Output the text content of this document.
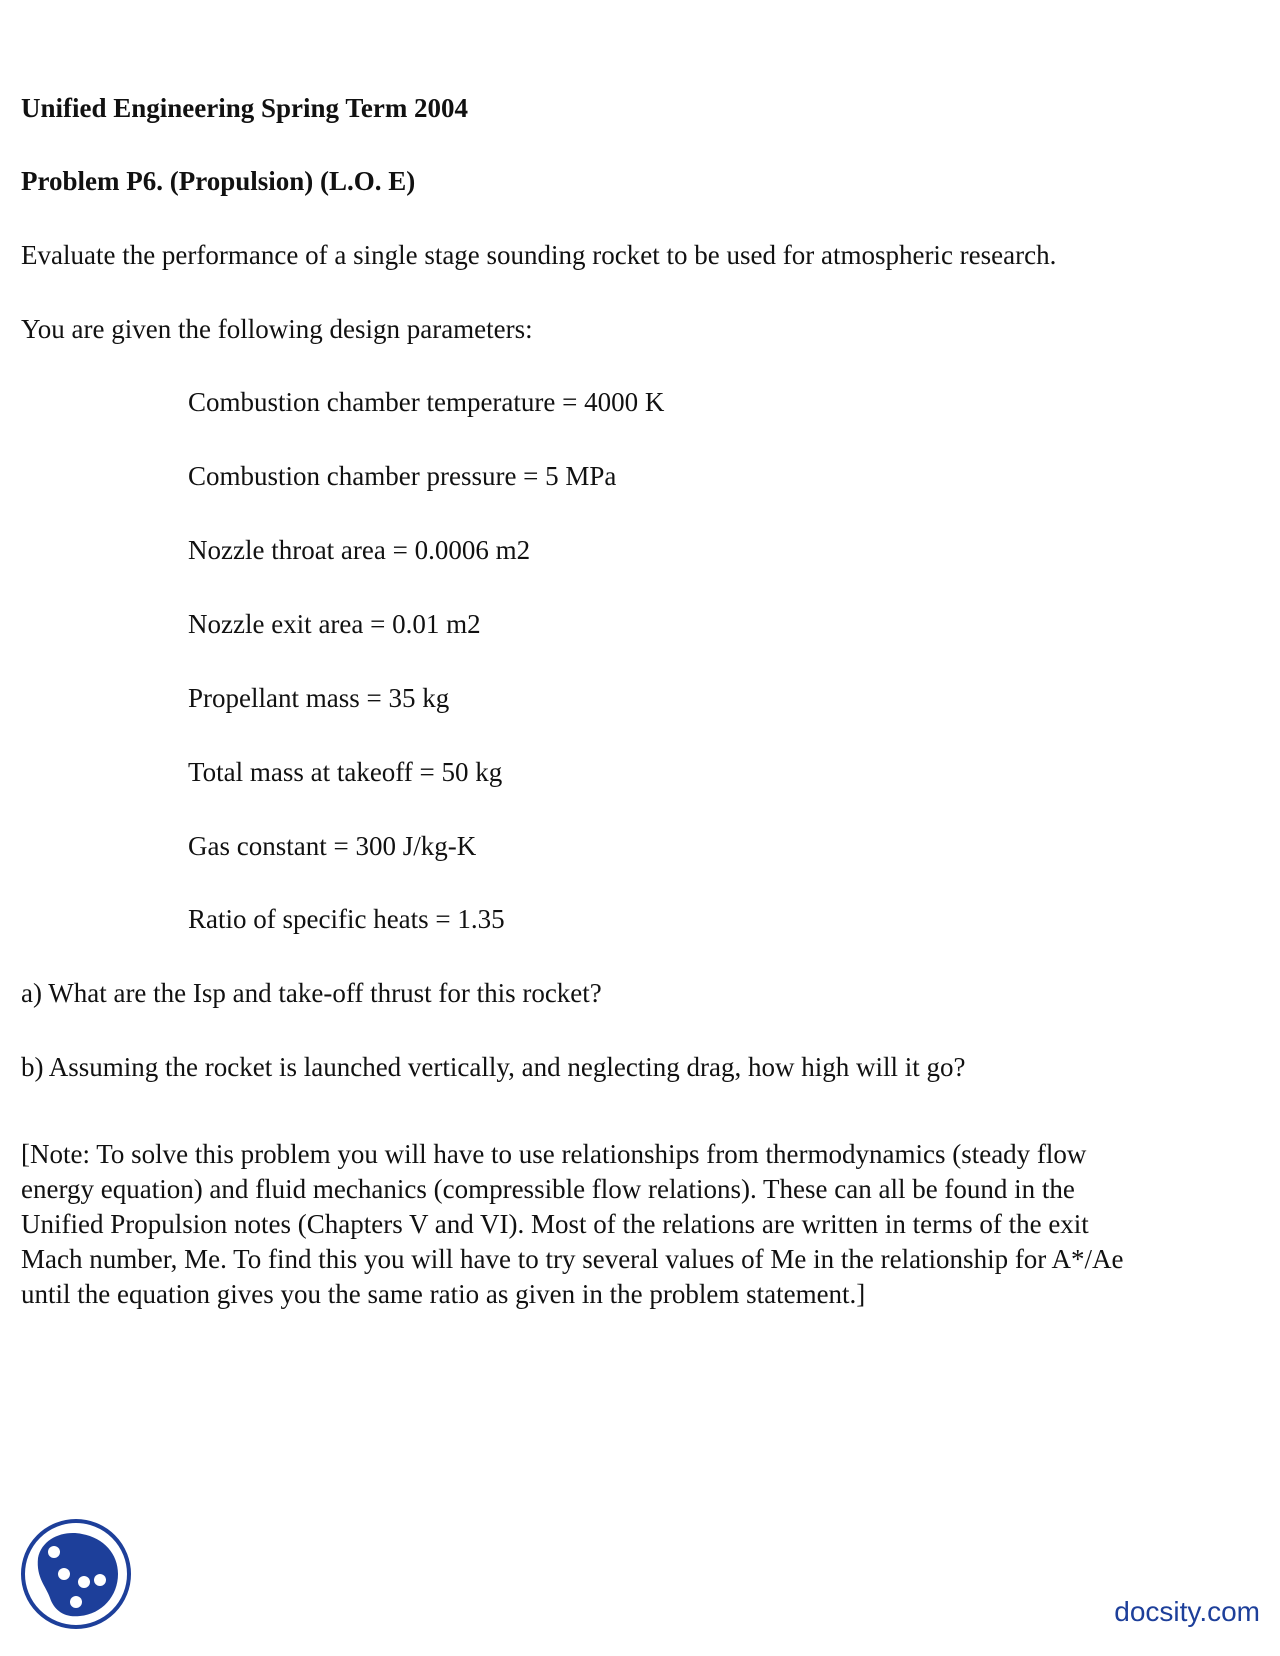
Unified Engineering Spring Term 2004
Problem P6. (Propulsion) (L.O. E)
Evaluate the performance of a single stage sounding rocket to be used for atmospheric research.
You are given the following design parameters:
Combustion chamber temperature = 4000 K
Combustion chamber pressure = 5 MPa
Nozzle throat area = 0.0006 m2
Nozzle exit area = 0.01 m2
Propellant mass = 35 kg
Total mass at takeoff = 50 kg
Gas constant = 300 J/kg-K
Ratio of specific heats = 1.35
a) What are the Isp and take-off thrust for this rocket?
b) Assuming the rocket is launched vertically, and neglecting drag, how high will it go?
[Note: To solve this problem you will have to use relationships from thermodynamics (steady flow
energy equation) and fluid mechanics (compressible flow relations). These can all be found in the
Unified Propulsion notes (Chapters V and VI). Most of the relations are written in terms of the exit
Mach number, Me. To find this you will have to try several values of Me in the relationship for A*/Ae
until the equation gives you the same ratio as given in the problem statement.]
docsity.com
